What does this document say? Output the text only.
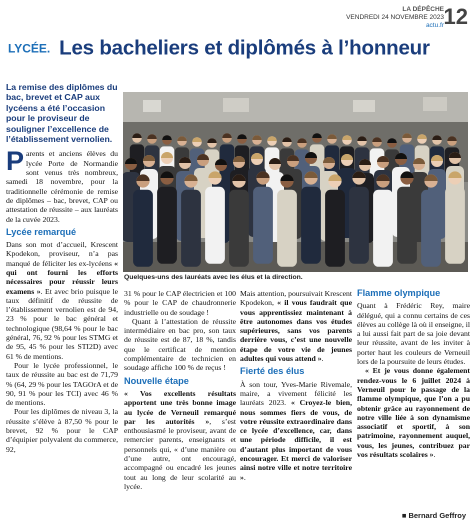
LA DÉPÊCHE
VENDREDI 24 NOVEMBRE 2023
actu.fr 12
LYCÉE. Les bacheliers et diplômés à l’honneur

La remise des diplômes du bac, brevet et CAP aux lycéens a été l’occasion pour le proviseur de souligner l’excellence de l’établissement vernolien.

Parents et anciens élèves du lycée Porte de Normandie sont venus très nombreux, samedi 18 novembre, pour la traditionnelle cérémonie de remise de diplômes – bac, brevet, CAP ou attestation de réussite – aux lauréats de la cuvée 2023.

Lycée remarqué

Dans son mot d’accueil, Krescent Kpodekon, proviseur, n’a pas manqué de féliciter les ex-lycéens « qui ont fourni les efforts nécessaires pour réussir leurs examens ». Et avec brio puisque le taux définitif de réussite de l’établissement vernolien est de 94, 23 % pour le bac général et technologique (98,64 % pour le bac général, 76, 92 % pour les STMG et de 95, 45 % pour les STI2D) avec 61 % de mentions.

Pour le lycée professionnel, le taux de réussite au bac est de 71,79 % (64, 29 % pour les TAGOrA et de 90, 91 % pour les TCI) avec 46 % de mentions.

Pour les diplômes de niveau 3, la réussite s’élève à 87,50 % pour le brevet, 92 % pour le CAP d’équipier polyvalent du commerce, 92,

Quelques-uns des lauréats avec les élus et la direction.

31 % pour le CAP électricien et 100 % pour le CAP de chaudronnerie industrielle ou de soudage !

Quant à l’attestation de réussite intermédiaire en bac pro, son taux de réussite est de 87, 18 %, tandis que le certificat de mention complémentaire de technicien en soudage affiche 100 % de reçus !

Nouvelle étape

« Vos excellents résultats apportent une très bonne image au lycée de Verneuil remarqué par les autorités », s’est enthousiasmé le proviseur, avant de remercier parents, enseignants et personnels qui, « d’une manière ou d’une autre, ont encouragé, accompagné ou encadré les jeunes tout au long de leur scolarité au lycée.

Mais attention, poursuivait Krescent Kpodekon, « il vous faudrait que vous apprentissiez maintenant à être autonomes dans vos études supérieures, sans vos parents derrière vous, c’est une nouvelle étape de votre vie de jeunes adultes qui vous attend ».

Fierté des élus

À son tour, Yves-Marie Rivemale, maire, a vivement félicité les lauréats 2023. « Croyez-le bien, nous sommes fiers de vous, de votre réussite extraordinaire dans ce lycée d’excellence, car, dans une période difficile, il est d’autant plus important de vous encourager. Et merci de valoriser ainsi notre ville et notre territoire ».

Flamme olympique

Quant à Frédéric Rey, maire délégué, qui a connu certains de ces élèves au collège là où il enseigne, il a lui aussi fait part de sa joie devant leur réussite, avant de les inviter à porter haut les couleurs de Verneuil lors de la poursuite de leurs études.

« Et je vous donne également rendez-vous le 6 juillet 2024 à Verneuil pour le passage de la flamme olympique, que l’on a pu obtenir grâce au rayonnement de notre ville liée à son dynamisme associatif et sportif, à son patrimoine, rayonnement auquel, vous, les jeunes, contribuez par vos résultats scolaires ».

■ Bernard Geffroy
